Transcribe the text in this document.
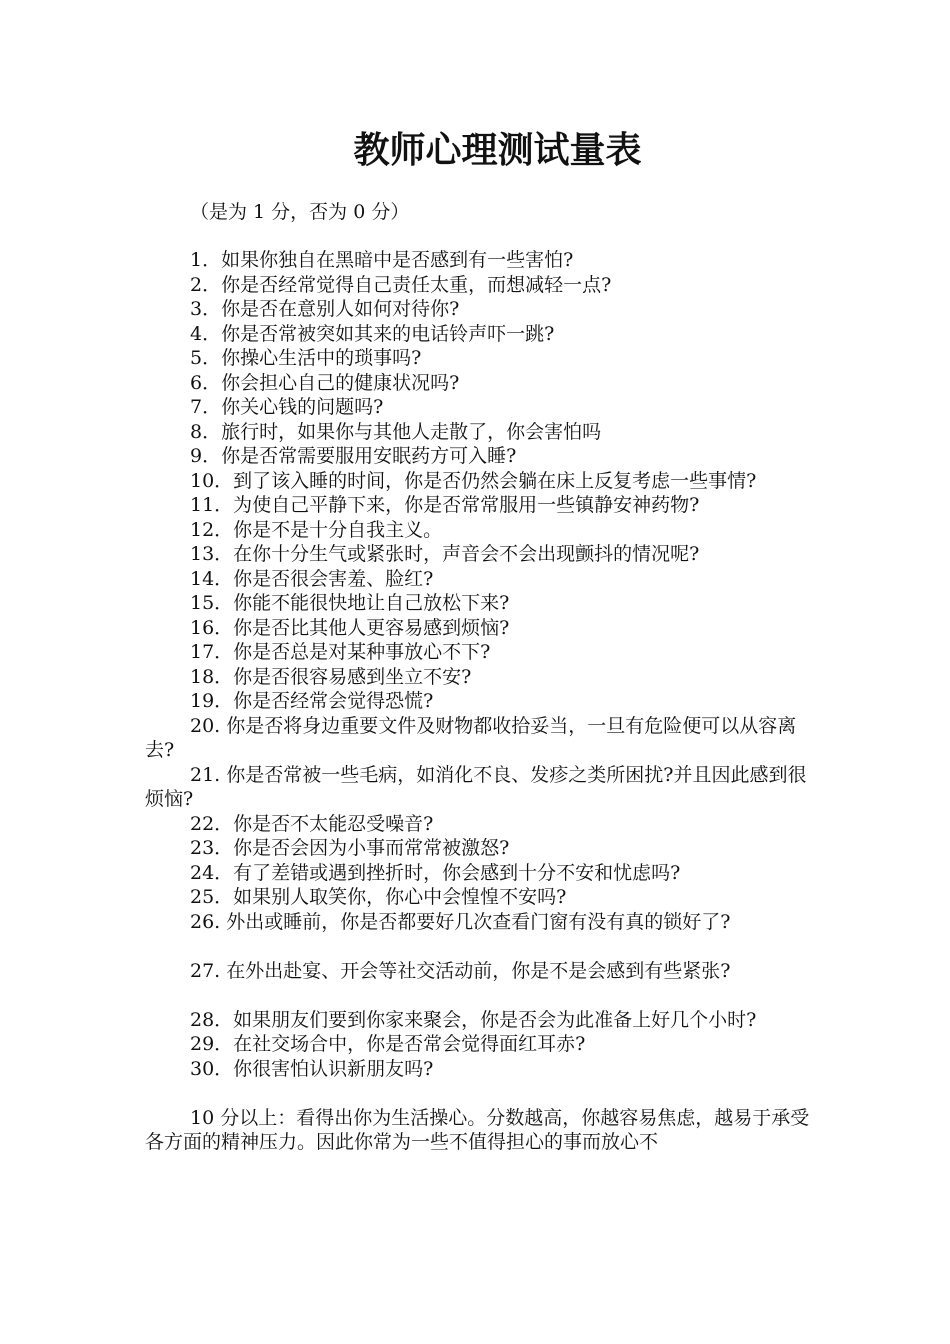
教师心理测试量表

（是为 1 分，否为 0 分）

1．如果你独自在黑暗中是否感到有一些害怕?

2．你是否经常觉得自己责任太重，而想减轻一点?

3．你是否在意别人如何对待你?

4．你是否常被突如其来的电话铃声吓一跳?

5．你操心生活中的琐事吗?

6．你会担心自己的健康状况吗?

7．你关心钱的问题吗?

8．旅行时，如果你与其他人走散了，你会害怕吗

9．你是否常需要服用安眠药方可入睡?

10．到了该入睡的时间，你是否仍然会躺在床上反复考虑一些事情?

11．为使自己平静下来，你是否常常服用一些镇静安神药物?

12．你是不是十分自我主义。

13．在你十分生气或紧张时，声音会不会出现颤抖的情况呢?

14．你是否很会害羞、脸红?

15．你能不能很快地让自己放松下来?

16．你是否比其他人更容易感到烦恼?

17．你是否总是对某种事放心不下?

18．你是否很容易感到坐立不安?

19．你是否经常会觉得恐慌?

20. 你是否将身边重要文件及财物都收拾妥当，一旦有危险便可以从容离去?

21. 你是否常被一些毛病，如消化不良、发疹之类所困扰?并且因此感到很烦恼?

22．你是否不太能忍受噪音?

23．你是否会因为小事而常常被激怒?

24．有了差错或遇到挫折时，你会感到十分不安和忧虑吗?

25．如果别人取笑你，你心中会惶惶不安吗?

26. 外出或睡前，你是否都要好几次查看门窗有没有真的锁好了?

27. 在外出赴宴、开会等社交活动前，你是不是会感到有些紧张?

28．如果朋友们要到你家来聚会，你是否会为此准备上好几个小时?

29．在社交场合中，你是否常会觉得面红耳赤?

30．你很害怕认识新朋友吗?

10 分以上：看得出你为生活操心。分数越高，你越容易焦虑，越易于承受各方面的精神压力。因此你常为一些不值得担心的事而放心不
